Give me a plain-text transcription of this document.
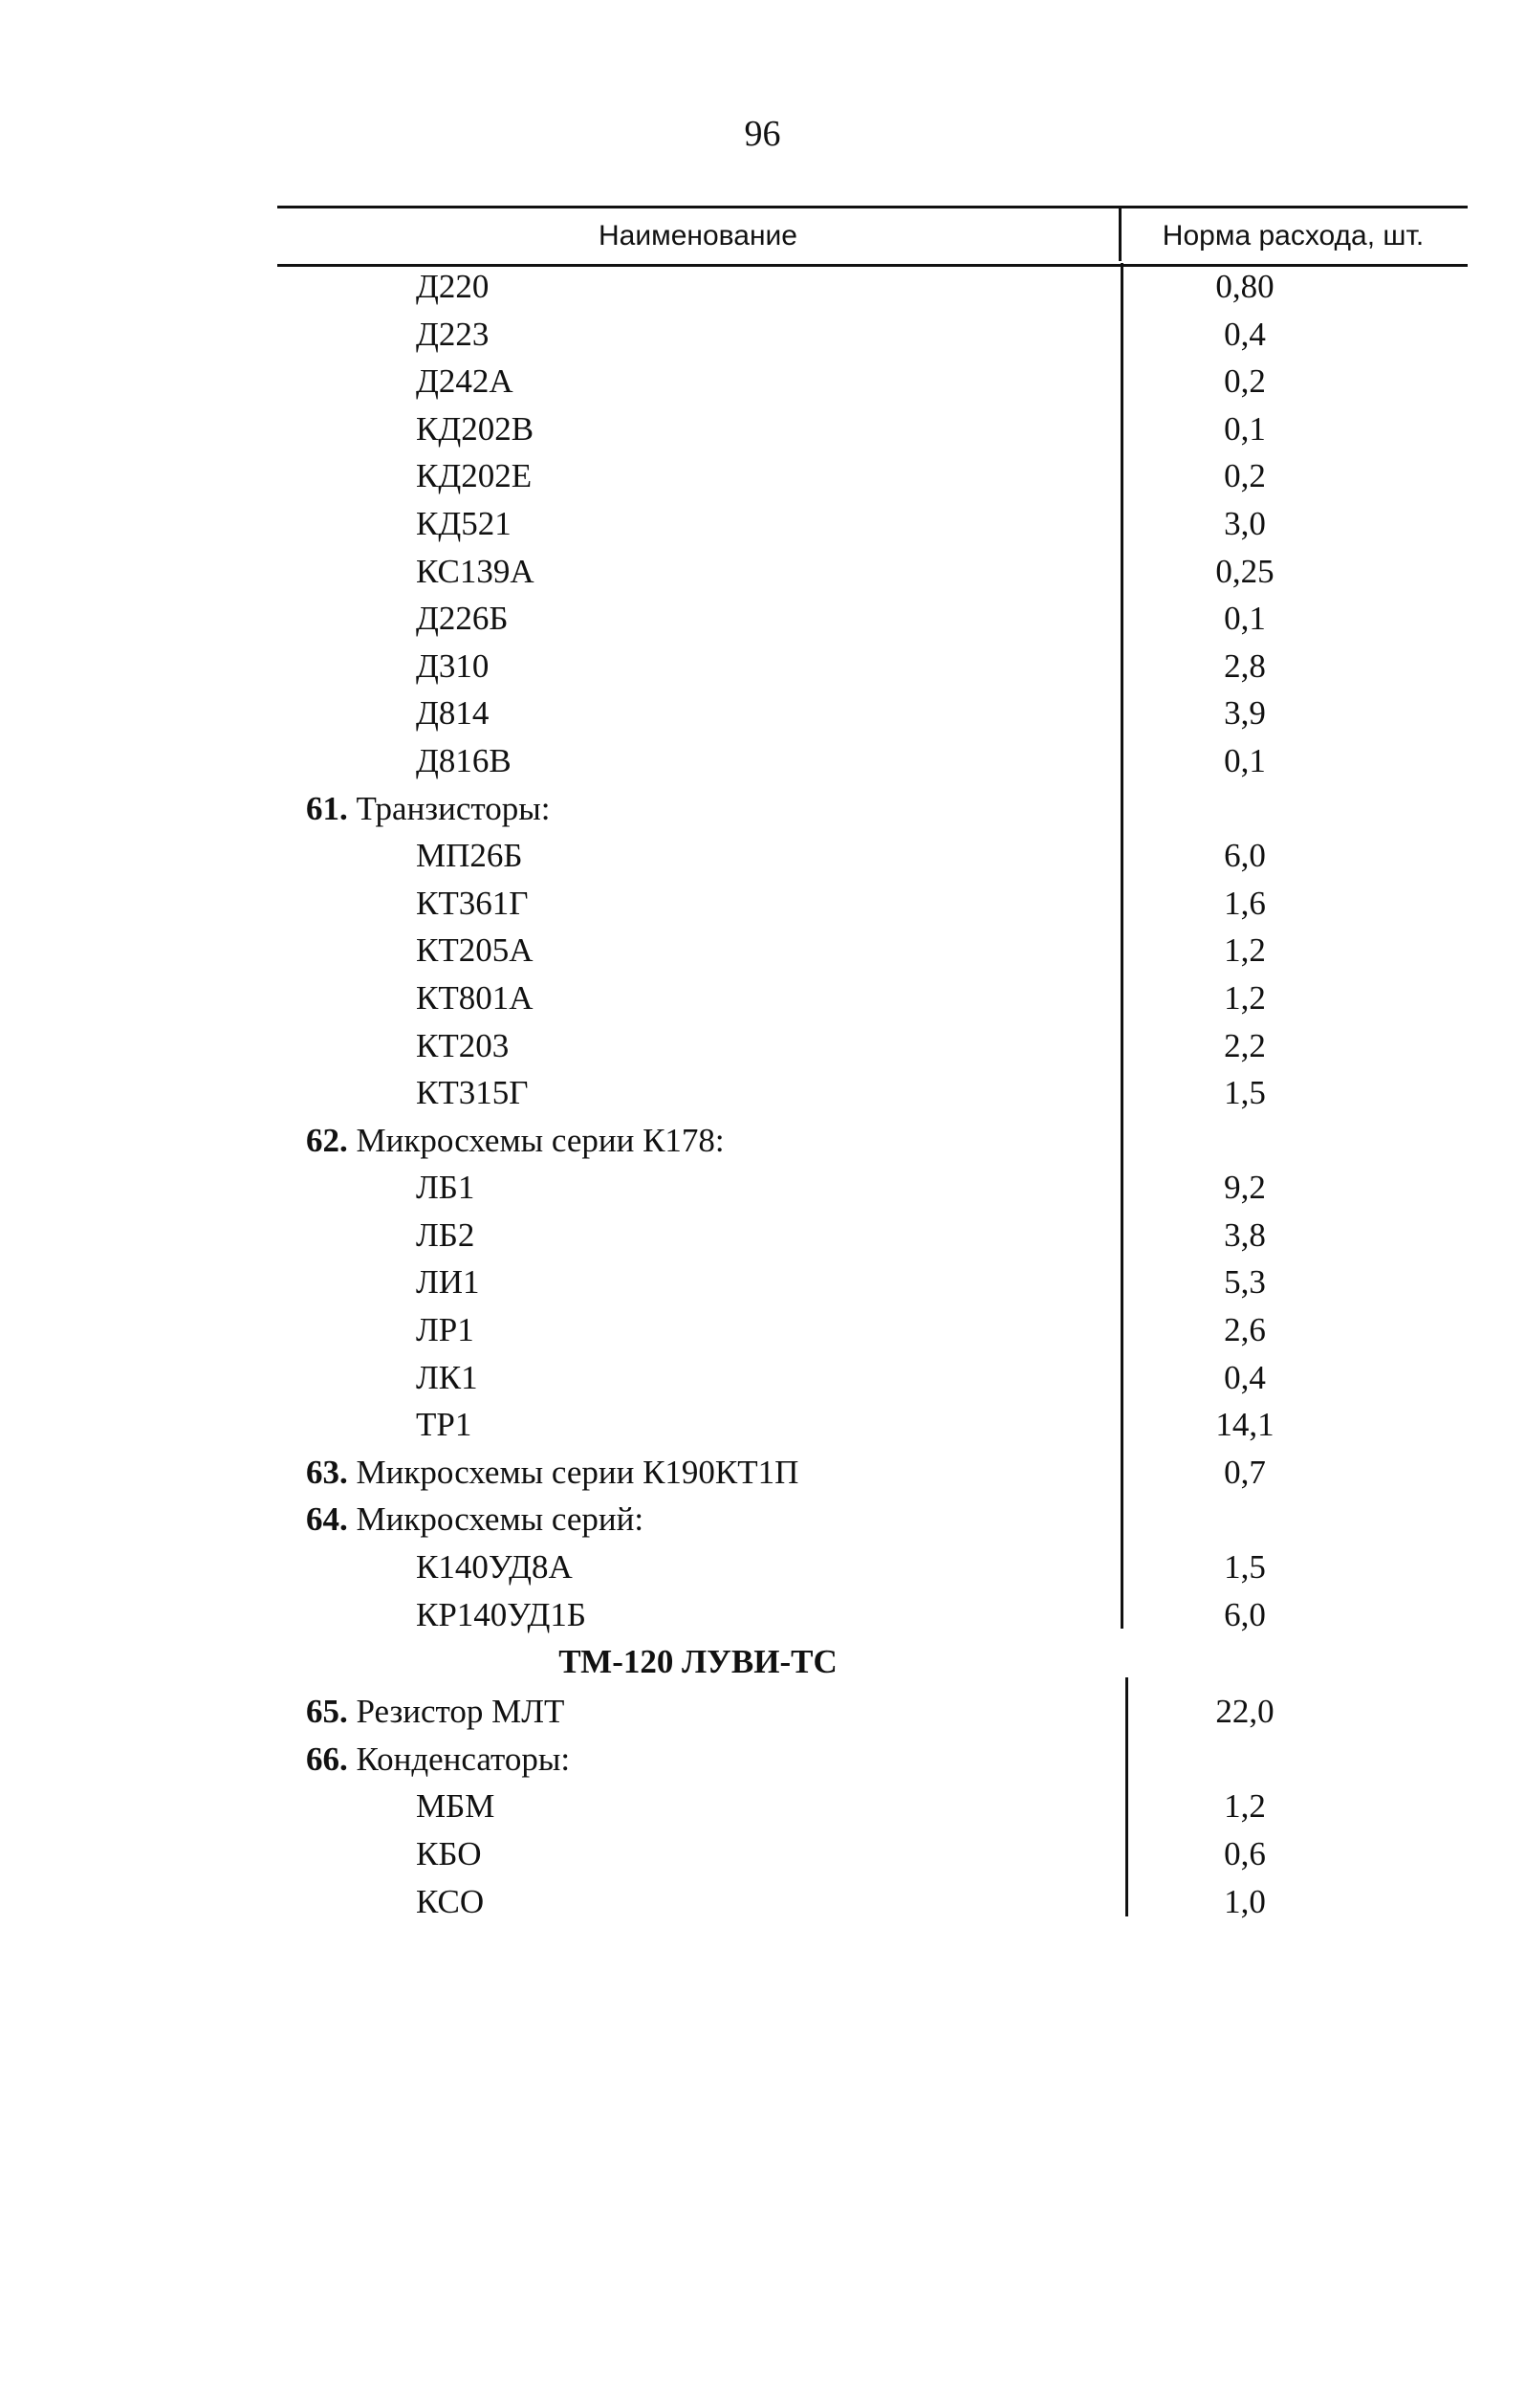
96
Наименование	Норма расхода, шт.
Д220	0,80
Д223	0,4
Д242А	0,2
КД202В	0,1
КД202Е	0,2
КД521	3,0
КС139А	0,25
Д226Б	0,1
Д310	2,8
Д814	3,9
Д816В	0,1
61. Транзисторы:
МП26Б	6,0
КТ361Г	1,6
КТ205А	1,2
КТ801А	1,2
КТ203	2,2
КТ315Г	1,5
62. Микросхемы серии К178:
ЛБ1	9,2
ЛБ2	3,8
ЛИ1	5,3
ЛР1	2,6
ЛК1	0,4
ТР1	14,1
63. Микросхемы серии К190КТ1П	0,7
64. Микросхемы серий:
К140УД8А	1,5
КР140УД1Б	6,0
ТМ-120 ЛУВИ-ТС
65. Резистор МЛТ	22,0
66. Конденсаторы:
МБМ	1,2
КБО	0,6
КСО	1,0
